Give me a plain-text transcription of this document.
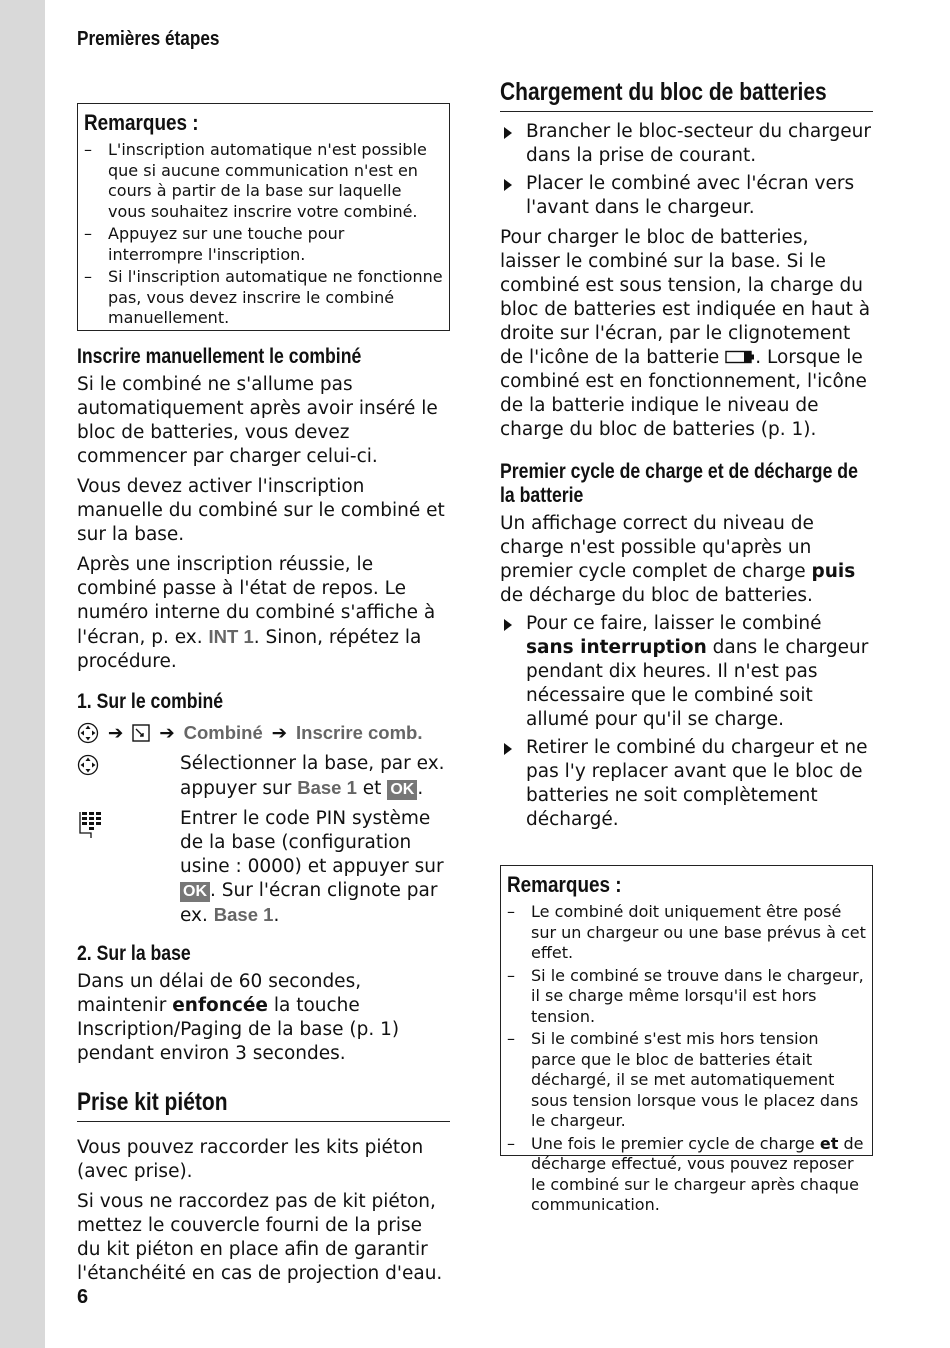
Premières étapes
Remarques :
– L'inscription automatique n'est possible que si aucune communication n'est en cours à partir de la base sur laquelle vous souhaitez inscrire votre combiné.
– Appuyez sur une touche pour interrompre l'inscription.
– Si l'inscription automatique ne fonctionne pas, vous devez inscrire le combiné manuellement.
Inscrire manuellement le combiné

Si le combiné ne s'allume pas automatiquement après avoir inséré le bloc de batteries, vous devez commencer par charger celui-ci.

Vous devez activer l'inscription manuelle du combiné sur le combiné et sur la base.

Après une inscription réussie, le combiné passe à l'état de repos. Le numéro interne du combiné s'affiche à l'écran, p. ex. INT 1. Sinon, répétez la procédure.

1. Sur le combiné
➔ ➔ Combiné ➔ Inscrire comb.
Sélectionner la base, par ex. appuyer sur Base 1 et OK .
Entrer le code PIN système de la base (configuration usine : 0000) et appuyer sur OK . Sur l'écran clignote par ex. Base 1.
2. Sur la base

Dans un délai de 60 secondes, maintenir enfoncée la touche Inscription/Paging de la base (p. 1) pendant environ 3 secondes.

Prise kit piéton

Vous pouvez raccorder les kits piéton (avec prise).

Si vous ne raccordez pas de kit piéton, mettez le couvercle fourni de la prise du kit piéton en place afin de garantir l'étanchéité en cas de projection d'eau.

Chargement du bloc de batteries
Brancher le bloc-secteur du chargeur dans la prise de courant.
Placer le combiné avec l'écran vers l'avant dans le chargeur.

Pour charger le bloc de batteries, laisser le combiné sur la base. Si le combiné est sous tension, la charge du bloc de batteries est indiquée en haut à droite sur l'écran, par le clignotement de l'icône de la batterie . Lorsque le combiné est en fonctionnement, l'icône de la batterie indique le niveau de charge du bloc de batteries (p. 1).

Premier cycle de charge et de décharge de la batterie

Un affichage correct du niveau de charge n'est possible qu'après un premier cycle complet de charge puis de décharge du bloc de batteries.

Pour ce faire, laisser le combiné sans interruption dans le chargeur pendant dix heures. Il n'est pas nécessaire que le combiné soit allumé pour qu'il se charge.
Retirer le combiné du chargeur et ne pas l'y replacer avant que le bloc de batteries ne soit complètement déchargé.
Remarques :
– Le combiné doit uniquement être posé sur un chargeur ou une base prévus à cet effet.
– Si le combiné se trouve dans le chargeur, il se charge même lorsqu'il est hors tension.
– Si le combiné s'est mis hors tension parce que le bloc de batteries était déchargé, il se met automatiquement sous tension lorsque vous le placez dans le chargeur.
– Une fois le premier cycle de charge et de décharge effectué, vous pouvez reposer le combiné sur le chargeur après chaque communication.
6
